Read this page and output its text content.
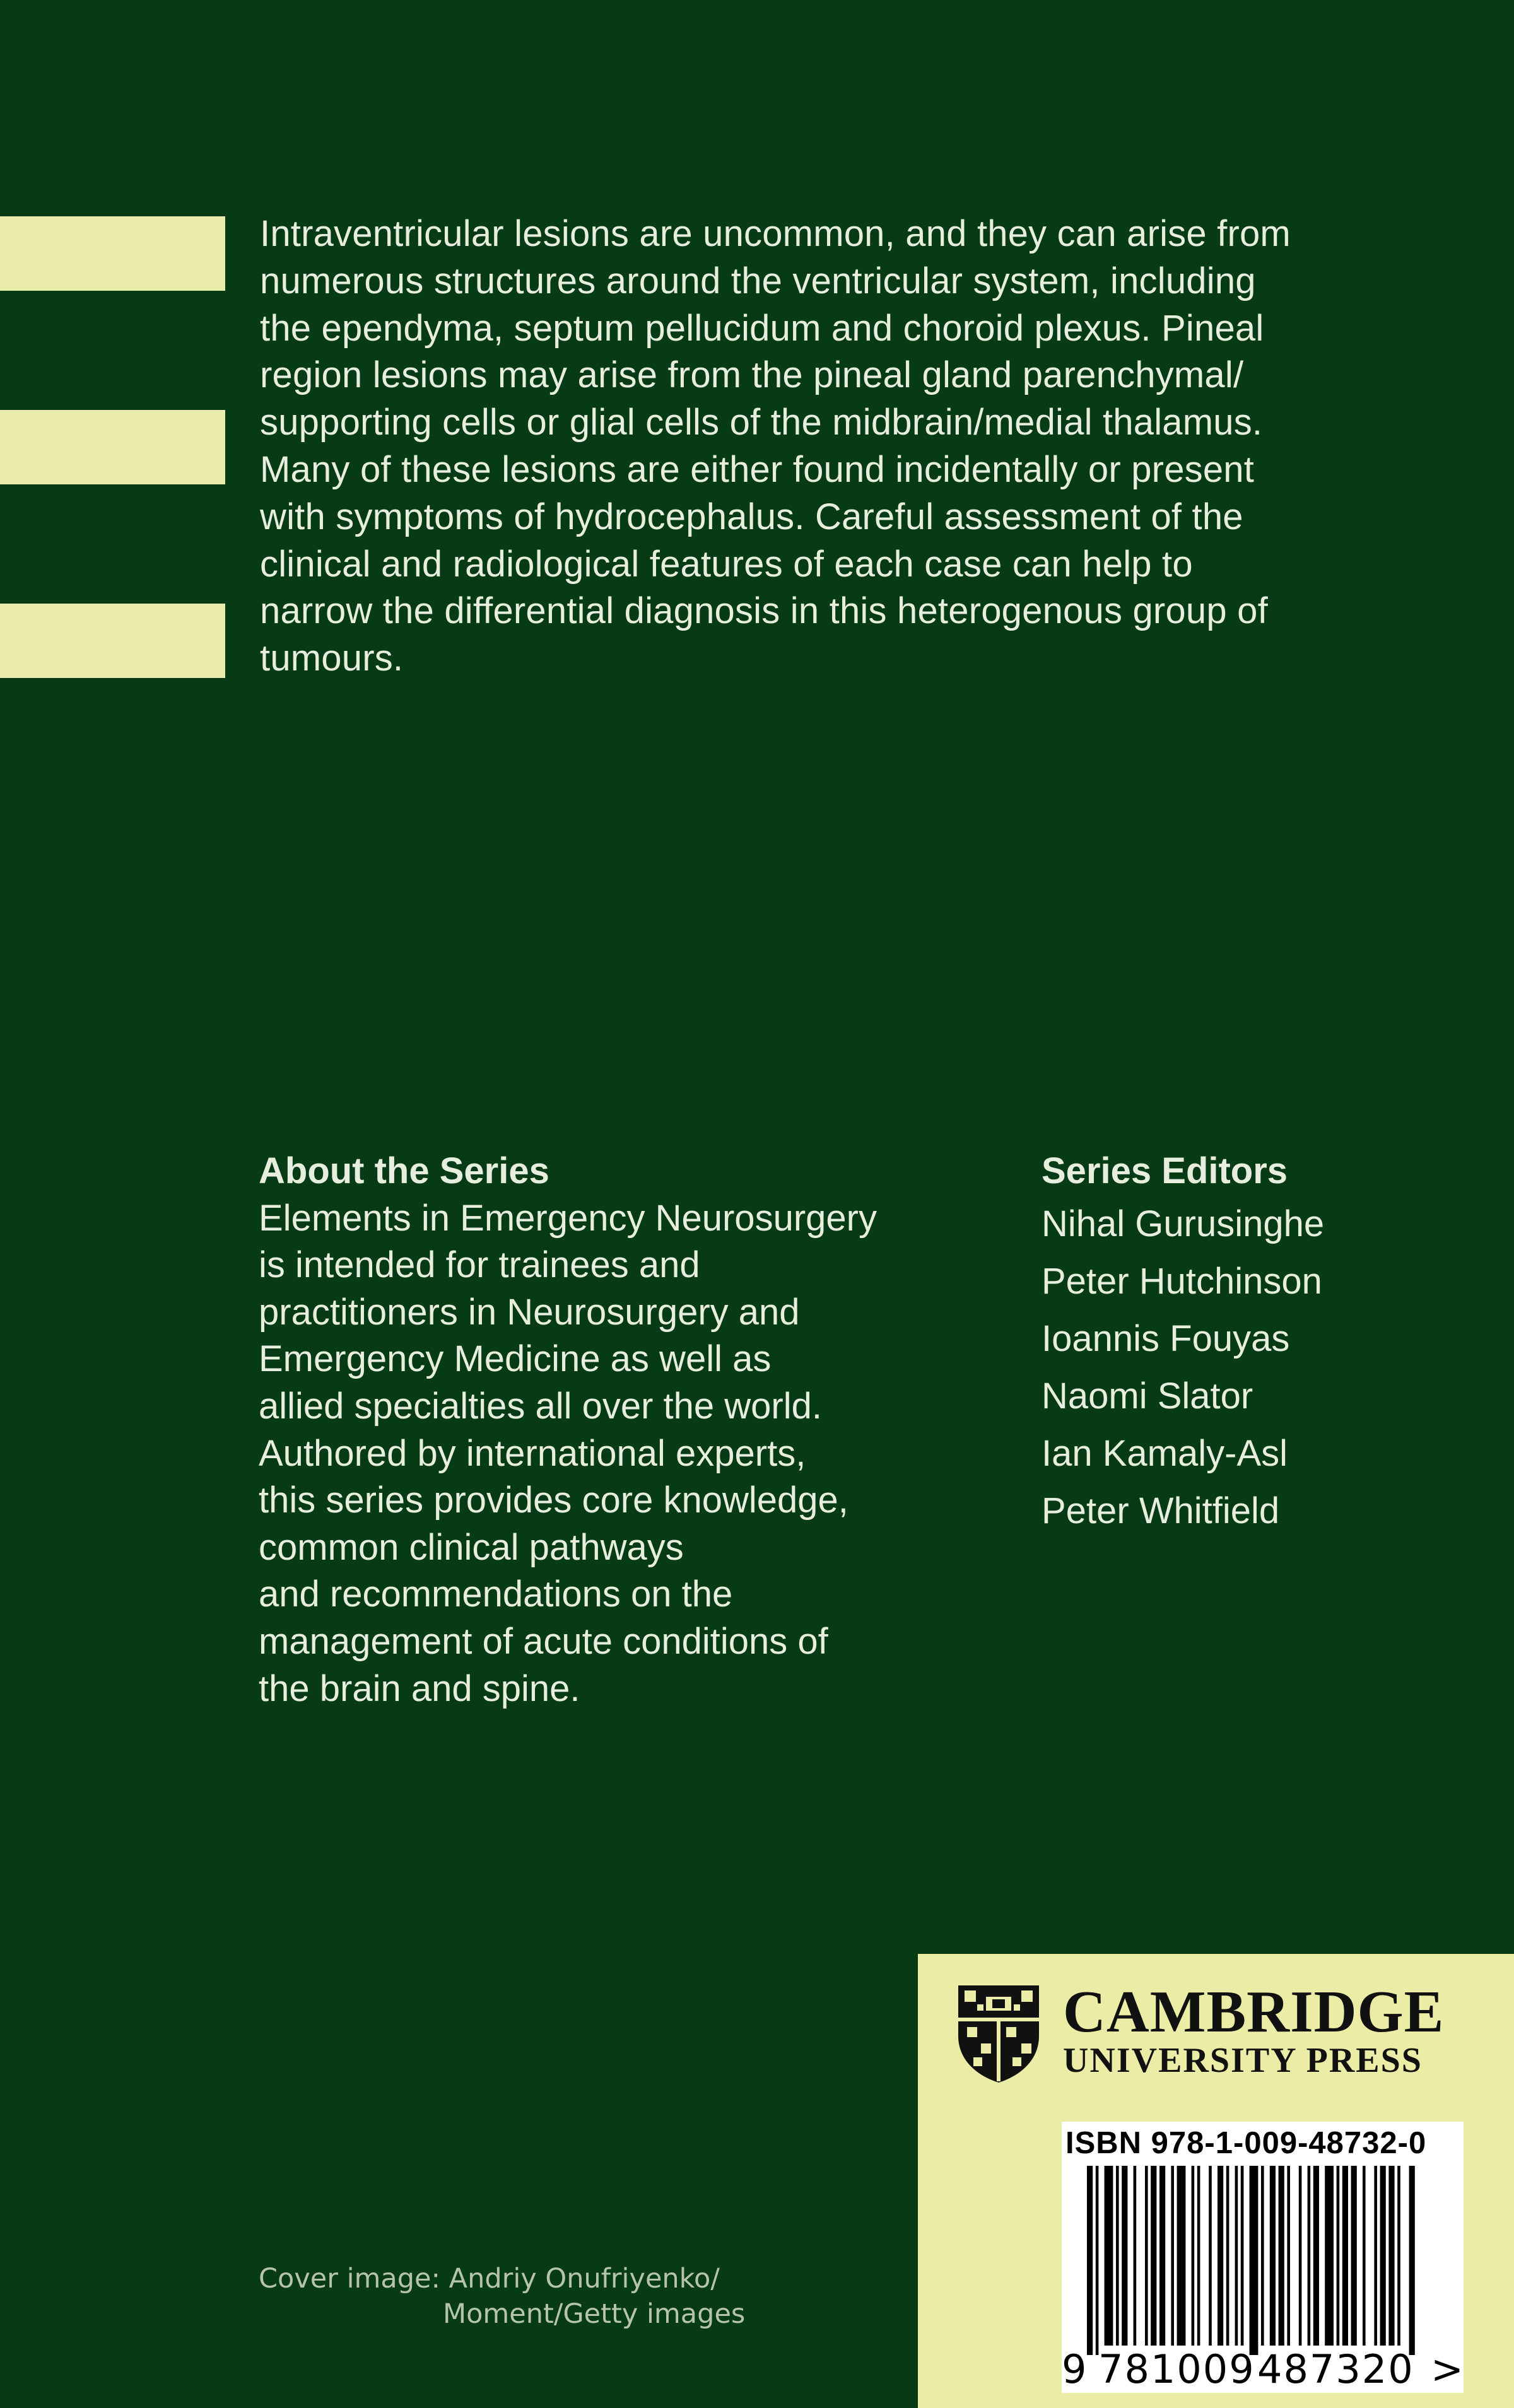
Intraventricular lesions are uncommon, and they can arise from
numerous structures around the ventricular system, including
the ependyma, septum pellucidum and choroid plexus. Pineal
region lesions may arise from the pineal gland parenchymal/
supporting cells or glial cells of the midbrain/medial thalamus.
Many of these lesions are either found incidentally or present
with symptoms of hydrocephalus. Careful assessment of the
clinical and radiological features of each case can help to
narrow the differential diagnosis in this heterogenous group of
tumours.
About the Series
Elements in Emergency Neurosurgery
is intended for trainees and
practitioners in Neurosurgery and
Emergency Medicine as well as
allied specialties all over the world.
Authored by international experts,
this series provides core knowledge,
common clinical pathways
and recommendations on the
management of acute conditions of
the brain and spine.
Series Editors
Nihal Gurusinghe
Peter Hutchinson
Ioannis Fouyas
Naomi Slator
Ian Kamaly-Asl
Peter Whitfield
Cover image: Andriy Onufriyenko/
Moment/Getty images
CAMBRIDGE
UNIVERSITY PRESS
ISBN 978-1-009-48732-0
9 781009 487320 >
